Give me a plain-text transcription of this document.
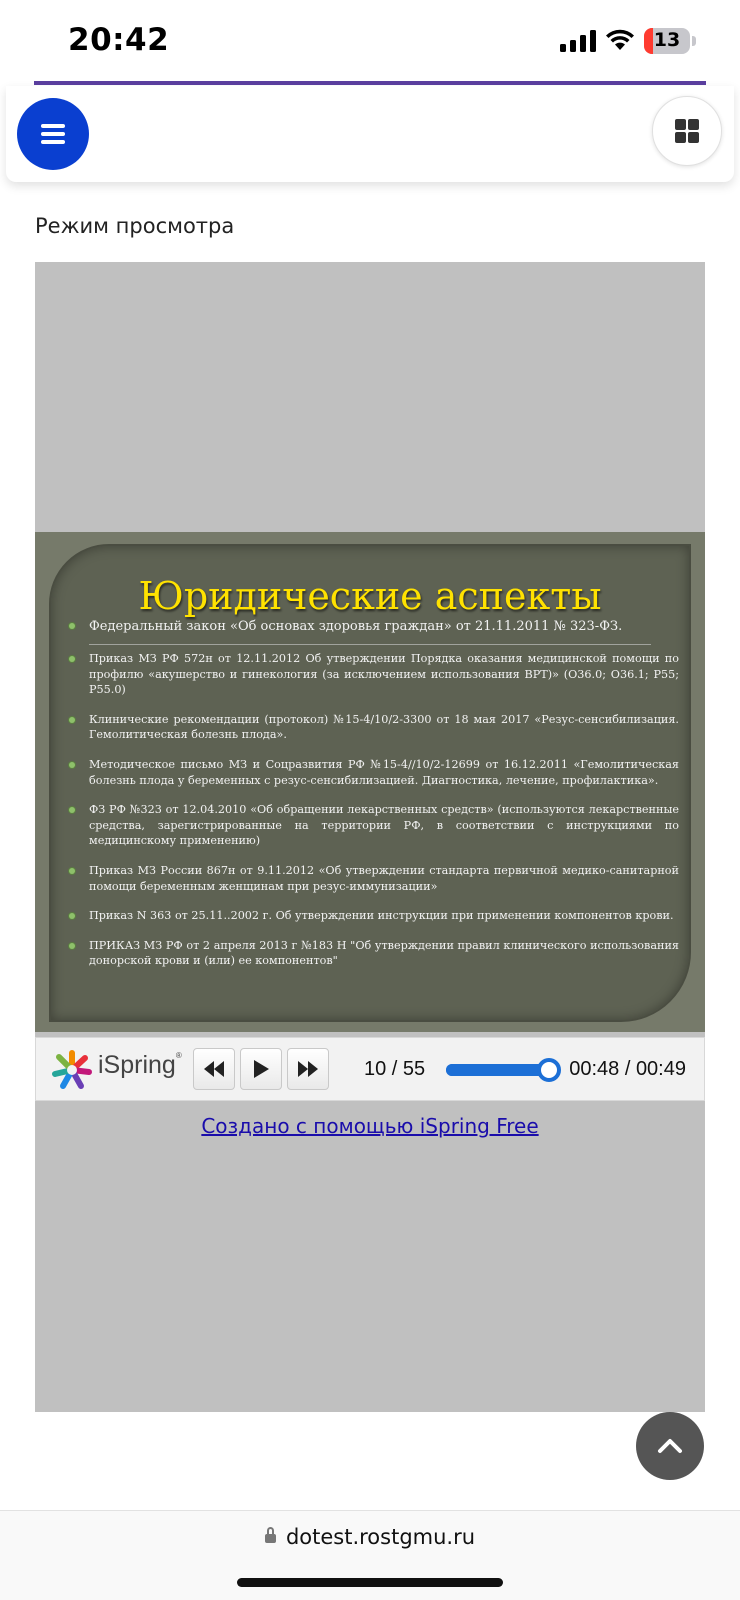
20:42	13
Режим просмотра
Юридические аспекты
Федеральный закон «Об основах здоровья граждан» от 21.11.2011 № 323-ФЗ.
Приказ МЗ РФ 572н от 12.11.2012 Об утверждении Порядка оказания медицинской помощи по профилю «акушерство и гинекология (за исключением использования ВРТ)» (О36.0; О36.1; Р55; Р55.0)
Клинические рекомендации (протокол) №15-4/10/2-3300 от 18 мая 2017 «Резус-сенсибилизация. Гемолитическая болезнь плода».
Методическое письмо МЗ и Соцразвития РФ №15-4//10/2-12699 от 16.12.2011 «Гемолитическая болезнь плода у беременных с резус-сенсибилизацией. Диагностика, лечение, профилактика».
ФЗ РФ №323 от 12.04.2010 «Об обращении лекарственных средств» (используются лекарственные средства, зарегистрированные на территории РФ, в соответствии с инструкциями по медицинскому применению)
Приказ МЗ России 867н от 9.11.2012 «Об утверждении стандарта первичной медико-санитарной помощи беременным женщинам при резус-иммунизации»
Приказ N 363 от 25.11..2002 г. Об утверждении инструкции при применении компонентов крови.
ПРИКАЗ МЗ РФ от 2 апреля 2013 г №183 Н "Об утверждении правил клинического использования донорской крови и (или) ее компонентов"
iSpring®
10 / 55	00:48 / 00:49
Создано с помощью iSpring Free
dotest.rostgmu.ru
